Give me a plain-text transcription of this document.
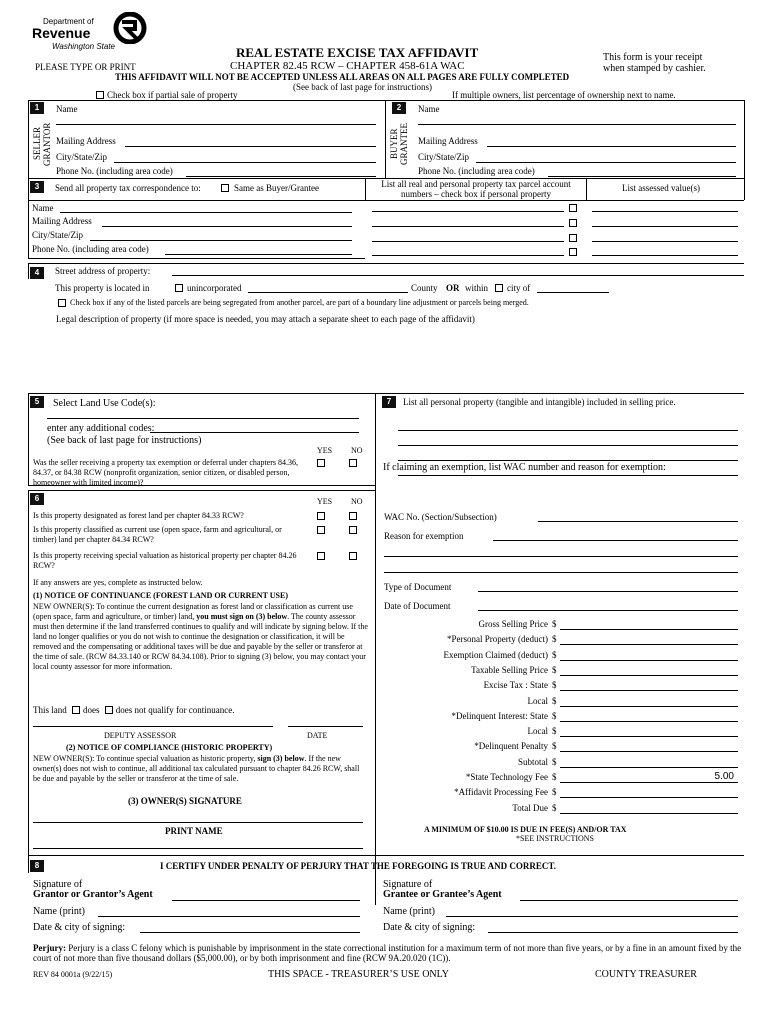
Department of
Revenue
Washington State	REAL ESTATE EXCISE TAX AFFIDAVIT
CHAPTER 82.45 RCW – CHAPTER 458-61A WAC
This form is your receipt
when stamped by cashier.
PLEASE TYPE OR PRINT
THIS AFFIDAVIT WILL NOT BE ACCEPTED UNLESS ALL AREAS ON ALL PAGES ARE FULLY COMPLETED
(See back of last page for instructions)
Check box if partial sale of property	If multiple owners, list percentage of ownership next to name.
1
SELLER GRANTOR
Name
Mailing Address
City/State/Zip
Phone No. (including area code)
2
BUYER GRANTEE
Name
Mailing Address
City/State/Zip
Phone No. (including area code)
3	Send all property tax correspondence to:	Same as Buyer/Grantee	List all real and personal property tax parcel account numbers – check box if personal property
List assessed value(s)
Name
Mailing Address
City/State/Zip
Phone No. (including area code)
4	Street address of property:
This property is located in	unincorporated	County OR within city of
Check box if any of the listed parcels are being segregated from another parcel, are part of a boundary line adjustment or parcels being merged.
Legal description of property (if more space is needed, you may attach a separate sheet to each page of the affidavit)
5	Select Land Use Code(s):
enter any additional codes:
(See back of last page for instructions)
YES NO
Was the seller receiving a property tax exemption or deferral under chapters 84.36, 84.37, or 84.38 RCW (nonprofit organization, senior citizen, or disabled person, homeowner with limited income)?
6	YES NO
Is this property designated as forest land per chapter 84.33 RCW?
Is this property classified as current use (open space, farm and agricultural, or timber) land per chapter 84.34 RCW?
Is this property receiving special valuation as historical property per chapter 84.26 RCW?
If any answers are yes, complete as instructed below.
(1) NOTICE OF CONTINUANCE (FOREST LAND OR CURRENT USE)
NEW OWNER(S): To continue the current designation as forest land or classification as current use (open space, farm and agriculture, or timber) land, you must sign on (3) below. The county assessor must then determine if the land transferred continues to qualify and will indicate by signing below. If the land no longer qualifies or you do not wish to continue the designation or classification, it will be removed and the compensating or additional taxes will be due and payable by the seller or transferor at the time of sale. (RCW 84.33.140 or RCW 84.34.108). Prior to signing (3) below, you may contact your local county assessor for more information.
This land does does not qualify for continuance.
DEPUTY ASSESSOR	DATE
(2) NOTICE OF COMPLIANCE (HISTORIC PROPERTY)
NEW OWNER(S): To continue special valuation as historic property, sign (3) below. If the new owner(s) does not wish to continue, all additional tax calculated pursuant to chapter 84.26 RCW, shall be due and payable by the seller or transferor at the time of sale.
(3) OWNER(S) SIGNATURE
PRINT NAME
7	List all personal property (tangible and intangible) included in selling price.
If claiming an exemption, list WAC number and reason for exemption:
WAC No. (Section/Subsection)
Reason for exemption
Type of Document
Date of Document
Gross Selling Price $
*Personal Property (deduct) $
Exemption Claimed (deduct) $
Taxable Selling Price $
Excise Tax : State $
Local $
*Delinquent Interest: State $
Local $
*Delinquent Penalty $
Subtotal $
*State Technology Fee $	5.00
*Affidavit Processing Fee $
Total Due $
A MINIMUM OF $10.00 IS DUE IN FEE(S) AND/OR TAX
*SEE INSTRUCTIONS
8	I CERTIFY UNDER PENALTY OF PERJURY THAT THE FOREGOING IS TRUE AND CORRECT.
Signature of
Grantor or Grantor’s Agent
Name (print)
Date & city of signing:
Signature of
Grantee or Grantee’s Agent
Name (print)
Date & city of signing:
Perjury: Perjury is a class C felony which is punishable by imprisonment in the state correctional institution for a maximum term of not more than five years, or by a fine in an amount fixed by the court of not more than five thousand dollars ($5,000.00), or by both imprisonment and fine (RCW 9A.20.020 (1C)).
REV 84 0001a (9/22/15)	THIS SPACE - TREASURER’S USE ONLY	COUNTY TREASURER
